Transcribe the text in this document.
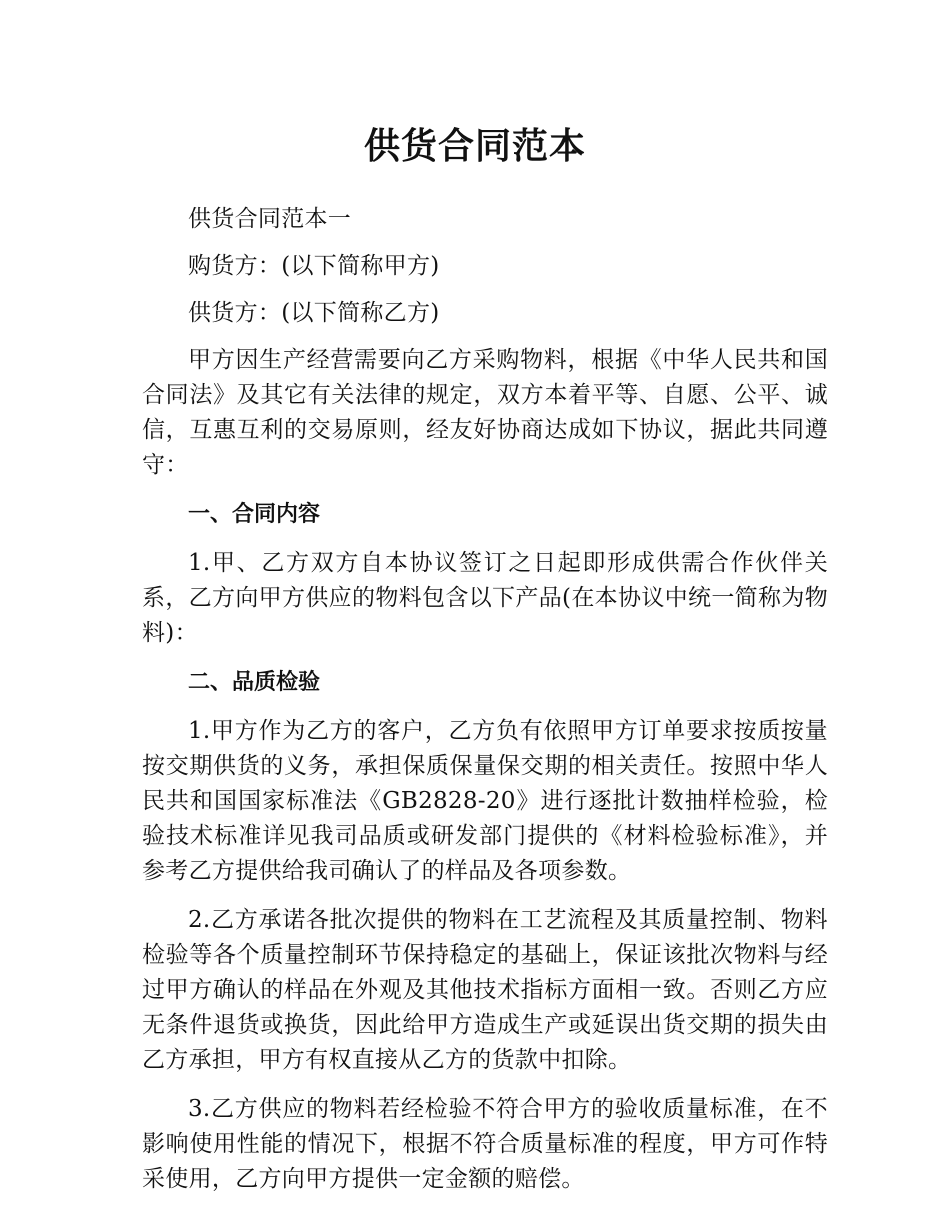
供货合同范本

供货合同范本一

购货方：(以下简称甲方)

供货方：(以下简称乙方)

甲方因生产经营需要向乙方采购物料，根据《中华人民共和国合同法》及其它有关法律的规定，双方本着平等、自愿、公平、诚信，互惠互利的交易原则，经友好协商达成如下协议，据此共同遵守：

一、合同内容

1.甲、乙方双方自本协议签订之日起即形成供需合作伙伴关系，乙方向甲方供应的物料包含以下产品(在本协议中统一简称为物料)：

二、品质检验

1.甲方作为乙方的客户，乙方负有依照甲方订单要求按质按量按交期供货的义务，承担保质保量保交期的相关责任。按照中华人民共和国国家标准法《GB2828-20》进行逐批计数抽样检验，检验技术标准详见我司品质或研发部门提供的《材料检验标准》，并参考乙方提供给我司确认了的样品及各项参数。

2.乙方承诺各批次提供的物料在工艺流程及其质量控制、物料检验等各个质量控制环节保持稳定的基础上，保证该批次物料与经过甲方确认的样品在外观及其他技术指标方面相一致。否则乙方应无条件退货或换货，因此给甲方造成生产或延误出货交期的损失由乙方承担，甲方有权直接从乙方的货款中扣除。

3.乙方供应的物料若经检验不符合甲方的验收质量标准，在不影响使用性能的情况下，根据不符合质量标准的程度，甲方可作特采使用，乙方向甲方提供一定金额的赔偿。
